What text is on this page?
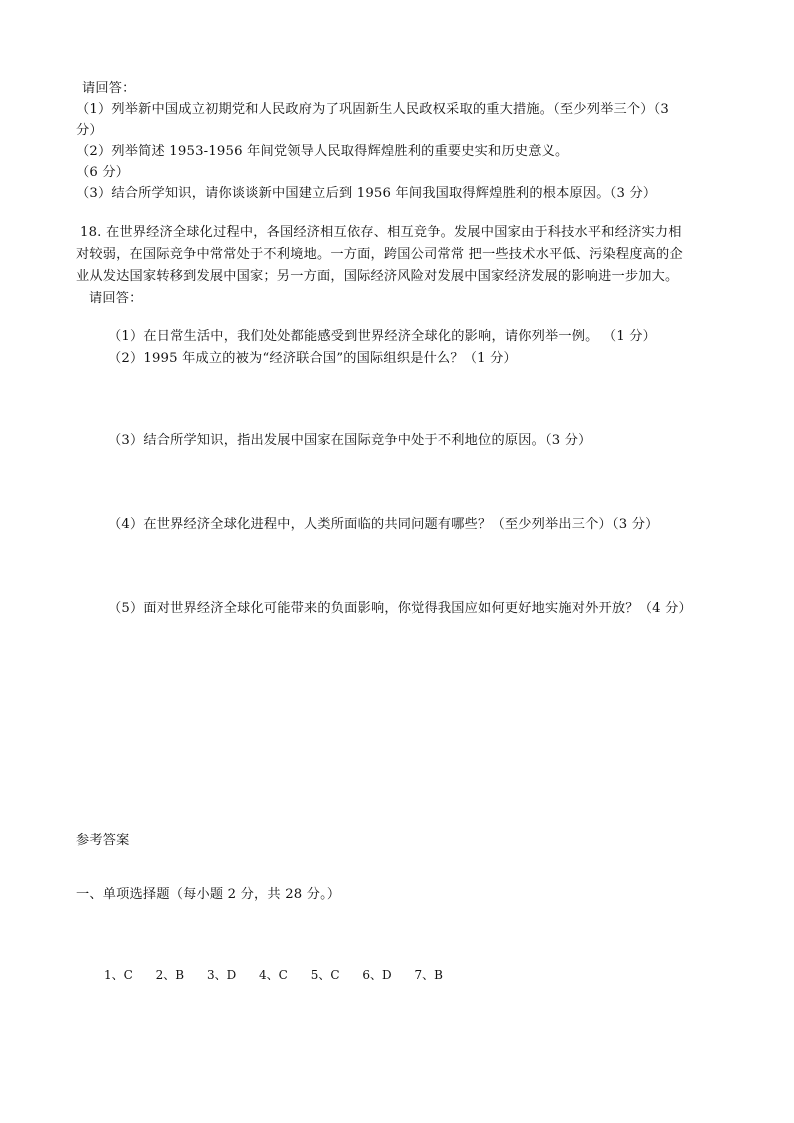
请回答：
（1）列举新中国成立初期党和人民政府为了巩固新生人民政权采取的重大措施。（至少列举三个）（3
分）
（2）列举简述 1953-1956 年间党领导人民取得辉煌胜利的重要史实和历史意义。
（6 分）
（3）结合所学知识，请你谈谈新中国建立后到 1956 年间我国取得辉煌胜利的根本原因。（3 分）
18. 在世界经济全球化过程中，各国经济相互依存、相互竞争。发展中国家由于科技水平和经济实力相
对较弱，在国际竞争中常常处于不利境地。一方面，跨国公司常常 把一些技术水平低、污染程度高的企
业从发达国家转移到发展中国家；另一方面，国际经济风险对发展中国家经济发展的影响进一步加大。
请回答：
（1）在日常生活中，我们处处都能感受到世界经济全球化的影响，请你列举一例。 （1 分）
（2）1995 年成立的被为“经济联合国”的国际组织是什么？（1 分）
（3）结合所学知识，指出发展中国家在国际竞争中处于不利地位的原因。（3 分）
（4）在世界经济全球化进程中，人类所面临的共同问题有哪些？（至少列举出三个）（3 分）
（5）面对世界经济全球化可能带来的负面影响，你觉得我国应如何更好地实施对外开放？（4 分）
参考答案
一、单项选择题（每小题 2 分，共 28 分。）
1、C 2、B 3、D 4、C 5、C 6、D 7、B
